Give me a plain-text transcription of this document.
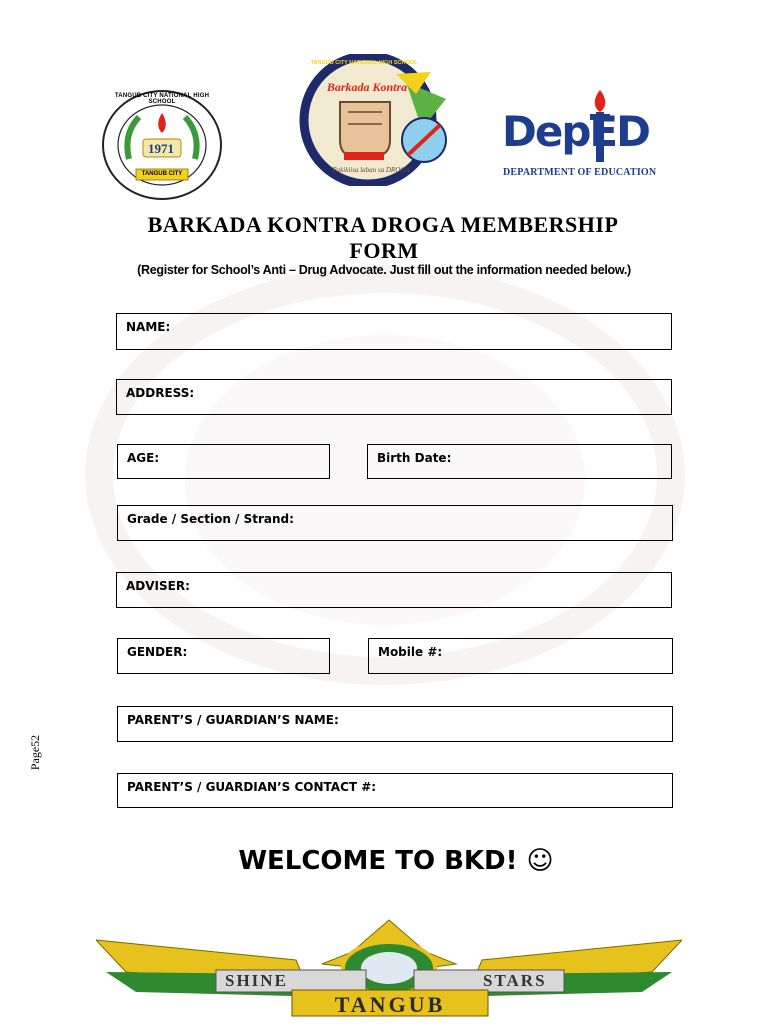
1971
TANGUB CITY NATIONAL HIGH SCHOOL
TANGUB CITY
Barkada Kontra
TANGUB CITY NATIONAL HIGH SCHOOL
Pakikiisa laban sa DROGA
DepED
DEPARTMENT OF EDUCATION
BARKADA KONTRA DROGA MEMBERSHIP
FORM
(Register for School’s Anti – Drug Advocate. Just fill out the information needed below.)
NAME:
ADDRESS:
AGE:	Birth Date:
Grade / Section / Strand:
ADVISER:
GENDER:	Mobile #:
PARENT’S / GUARDIAN’S NAME:
PARENT’S / GUARDIAN’S CONTACT #:
Page52
WELCOME TO BKD! ☺
SHINE	STARS
TANGUB
